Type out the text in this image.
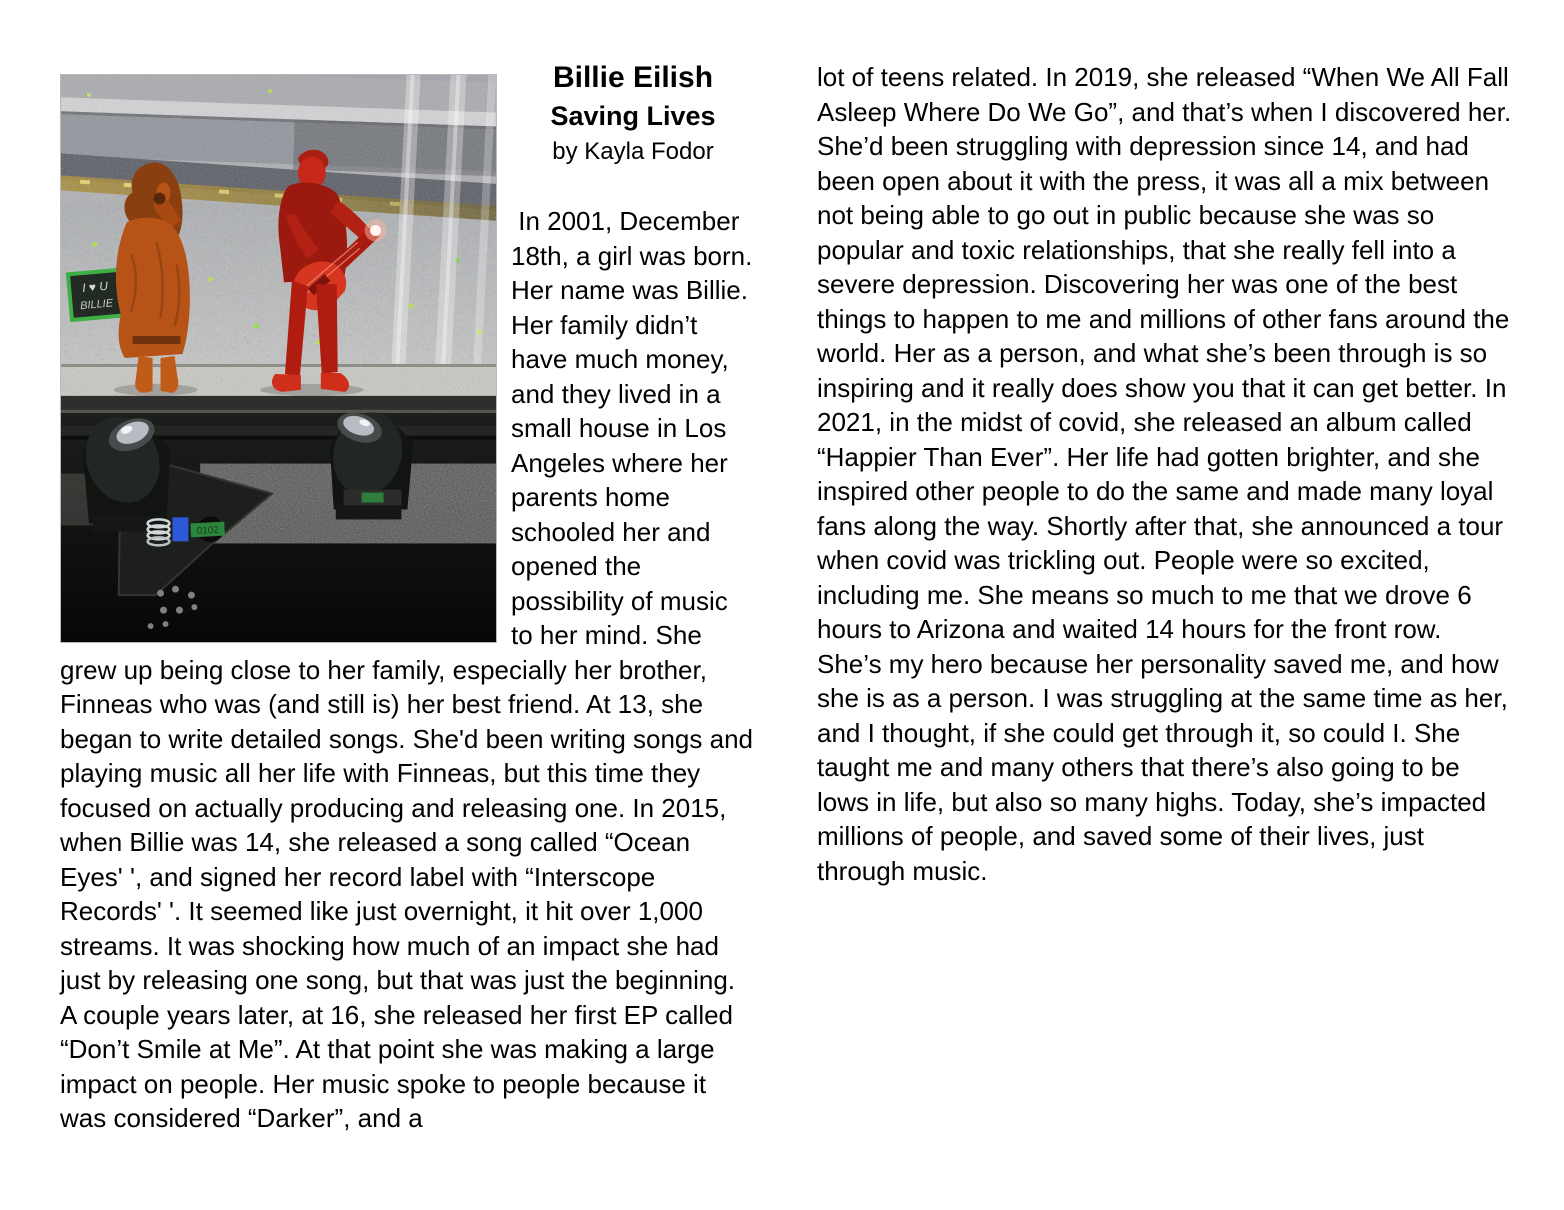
I ♥ U
BILLIE
0102
Billie Eilish
Saving Lives
by Kayla Fodor

In 2001, December 18th, a girl was born. Her name was Billie. Her family didn’t have much money, and they lived in a small house in Los Angeles where her parents home schooled her and opened the possibility of music to her mind. She grew up being close to her family, especially her brother, Finneas who was (and still is) her best friend. At 13, she began to write detailed songs. She'd been writing songs and playing music all her life with Finneas, but this time they focused on actually producing and releasing one. In 2015, when Billie was 14, she released a song called “Ocean Eyes' ', and signed her record label with “Interscope Records' '. It seemed like just overnight, it hit over 1,000 streams. It was shocking how much of an impact she had just by releasing one song, but that was just the beginning. A couple years later, at 16, she released her first EP called “Don’t Smile at Me”. At that point she was making a large impact on people. Her music spoke to people because it was considered “Darker”, and a

lot of teens related. In 2019, she released “When We All Fall Asleep Where Do We Go”, and that’s when I discovered her. She’d been struggling with depression since 14, and had been open about it with the press, it was all a mix between not being able to go out in public because she was so popular and toxic relationships, that she really fell into a severe depression. Discovering her was one of the best things to happen to me and millions of other fans around the world. Her as a person, and what she’s been through is so inspiring and it really does show you that it can get better. In 2021, in the midst of covid, she released an album called “Happier Than Ever”. Her life had gotten brighter, and she inspired other people to do the same and made many loyal fans along the way. Shortly after that, she announced a tour when covid was trickling out. People were so excited, including me. She means so much to me that we drove 6 hours to Arizona and waited 14 hours for the front row. She’s my hero because her personality saved me, and how she is as a person. I was struggling at the same time as her, and I thought, if she could get through it, so could I. She taught me and many others that there’s also going to be lows in life, but also so many highs. Today, she’s impacted millions of people, and saved some of their lives, just through music.
